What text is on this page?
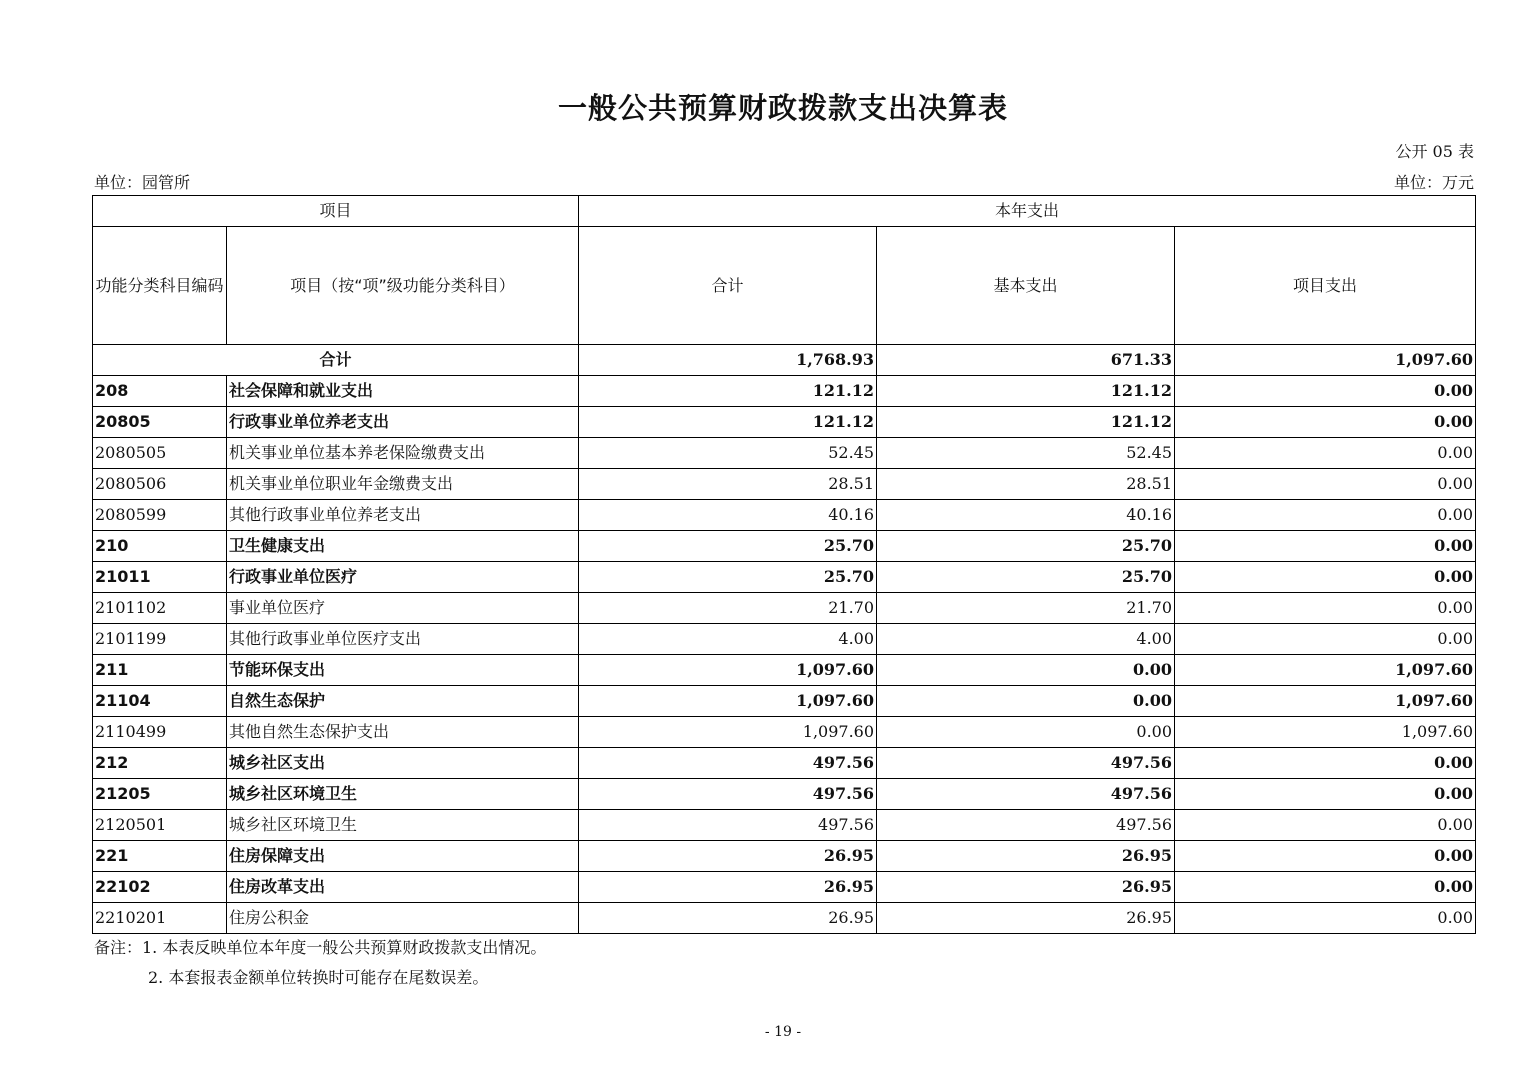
一般公共预算财政拨款支出决算表
公开 05 表
单位：园管所	单位：万元
项目		本年支出		
功能分类科目编码	项目（按“项”级功能分类科目）	合计	基本支出	项目支出
合计		1,768.93	671.33	1,097.60
208	社会保障和就业支出	121.12	121.12	0.00
20805	行政事业单位养老支出	121.12	121.12	0.00
2080505	机关事业单位基本养老保险缴费支出	52.45	52.45	0.00
2080506	机关事业单位职业年金缴费支出	28.51	28.51	0.00
2080599	其他行政事业单位养老支出	40.16	40.16	0.00
210	卫生健康支出	25.70	25.70	0.00
21011	行政事业单位医疗	25.70	25.70	0.00
2101102	事业单位医疗	21.70	21.70	0.00
2101199	其他行政事业单位医疗支出	4.00	4.00	0.00
211	节能环保支出	1,097.60	0.00	1,097.60
21104	自然生态保护	1,097.60	0.00	1,097.60
2110499	其他自然生态保护支出	1,097.60	0.00	1,097.60
212	城乡社区支出	497.56	497.56	0.00
21205	城乡社区环境卫生	497.56	497.56	0.00
2120501	城乡社区环境卫生	497.56	497.56	0.00
221	住房保障支出	26.95	26.95	0.00
22102	住房改革支出	26.95	26.95	0.00
2210201	住房公积金	26.95	26.95	0.00
备注：1. 本表反映单位本年度一般公共预算财政拨款支出情况。
2. 本套报表金额单位转换时可能存在尾数误差。
- 19 -
